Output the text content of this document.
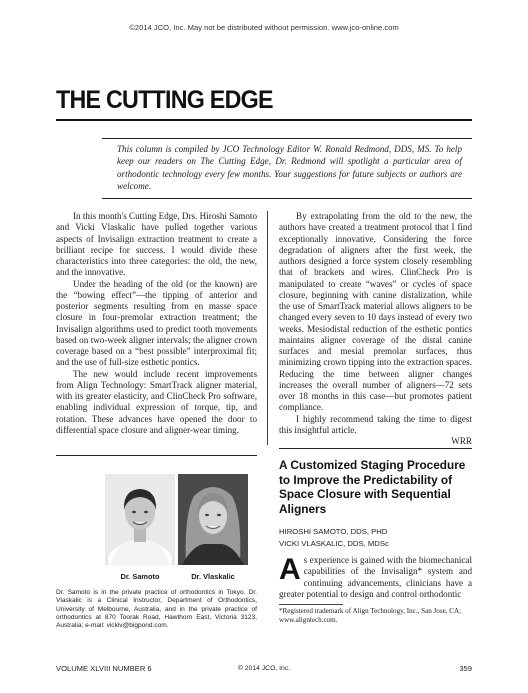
©2014 JCO, Inc. May not be distributed without permission. www.jco-online.com
THE CUTTING EDGE
This column is compiled by JCO Technology Editor W. Ronald Redmond, DDS, MS. To help keep our readers on The Cutting Edge, Dr. Redmond will spotlight a particular area of orthodontic technology every few months. Your suggestions for future subjects or authors are welcome.

In this month's Cutting Edge, Drs. Hiroshi Samoto and Vicki Vlaskalic have pulled together various aspects of Invisalign extraction treatment to create a brilliant recipe for success. I would divide these characteristics into three categories: the old, the new, and the innovative.

Under the heading of the old (or the known) are the “bowing effect”—the tipping of anterior and posterior segments resulting from en masse space closure in four-premolar extraction treatment; the Invisalign algorithms used to predict tooth movements based on two-week aligner intervals; the aligner crown coverage based on a “best possible” interproximal fit; and the use of full-size esthetic pontics.

The new would include recent improvements from Align Technology: SmartTrack aligner material, with its greater elasticity, and ClinCheck Pro software, enabling individual expression of torque, tip, and rotation. These advances have opened the door to differential space closure and aligner-wear timing.

By extrapolating from the old to the new, the authors have created a treatment protocol that I find exceptionally innovative. Considering the force degradation of aligners after the first week, the authors designed a force system closely resembling that of brackets and wires. ClinCheck Pro is manipulated to create “waves” or cycles of space closure, beginning with canine distalization, while the use of SmartTrack material allows aligners to be changed every seven to 10 days instead of every two weeks. Mesiodistal reduction of the esthetic pontics maintains aligner coverage of the distal canine surfaces and mesial premolar surfaces, thus minimizing crown tipping into the extraction spaces. Reducing the time between aligner changes increases the overall number of aligners—72 sets over 18 months in this case—but promotes patient compliance.

I highly recommend taking the time to digest this insightful article.

WRR
Dr. Samoto	Dr. Vlaskalic
Dr. Samoto is in the private practice of orthodontics in Tokyo. Dr. Vlaskalic is a Clinical Instructor, Department of Orthodontics, University of Melbourne, Australia, and in the private practice of orthodontics at 870 Toorak Road, Hawthorn East, Victoria 3123, Australia; e-mail: vickiv@bigpond.com.
A Customized Staging Procedure to Improve the Predictability of Space Closure with Sequential Aligners
HIROSHI SAMOTO, DDS, PHD
VICKI VLASKALIC, DDS, MDSc

As experience is gained with the biomechanical capabilities of the Invisalign* system and continuing advancements, clinicians have a greater potential to design and control orthodontic

*Registered trademark of Align Technology, Inc., San Jose, CA; www.aligntech.com.
VOLUME XLVIII NUMBER 6	© 2014 JCO, Inc.	359
